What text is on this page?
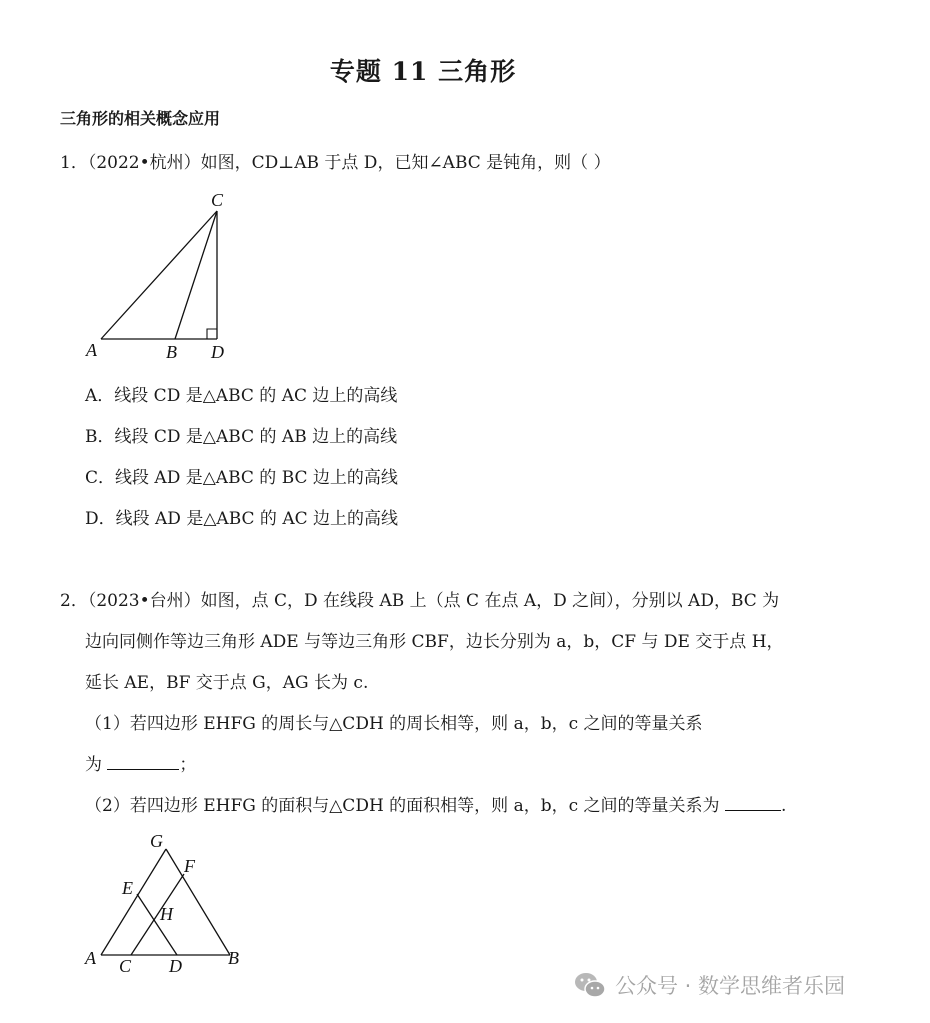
专题 11 三角形
三角形的相关概念应用
1．（2022•杭州）如图，CD⊥AB 于点 D，已知∠ABC 是钝角，则（ ）
C
A	B D
A．线段 CD 是△ABC 的 AC 边上的高线
B．线段 CD 是△ABC 的 AB 边上的高线
C．线段 AD 是△ABC 的 BC 边上的高线
D．线段 AD 是△ABC 的 AC 边上的高线
2．（2023•台州）如图，点 C，D 在线段 AB 上（点 C 在点 A，D 之间），分别以 AD，BC 为
边向同侧作等边三角形 ADE 与等边三角形 CBF，边长分别为 a，b，CF 与 DE 交于点 H，
延长 AE，BF 交于点 G，AG 长为 c.
（1）若四边形 EHFG 的周长与△CDH 的周长相等，则 a，b，c 之间的等量关系
为	；
（2）若四边形 EHFG 的面积与△CDH 的面积相等，则 a，b，c 之间的等量关系为	.
G
F
E
H
A C D	B
公众号 · 数学思维者乐园
